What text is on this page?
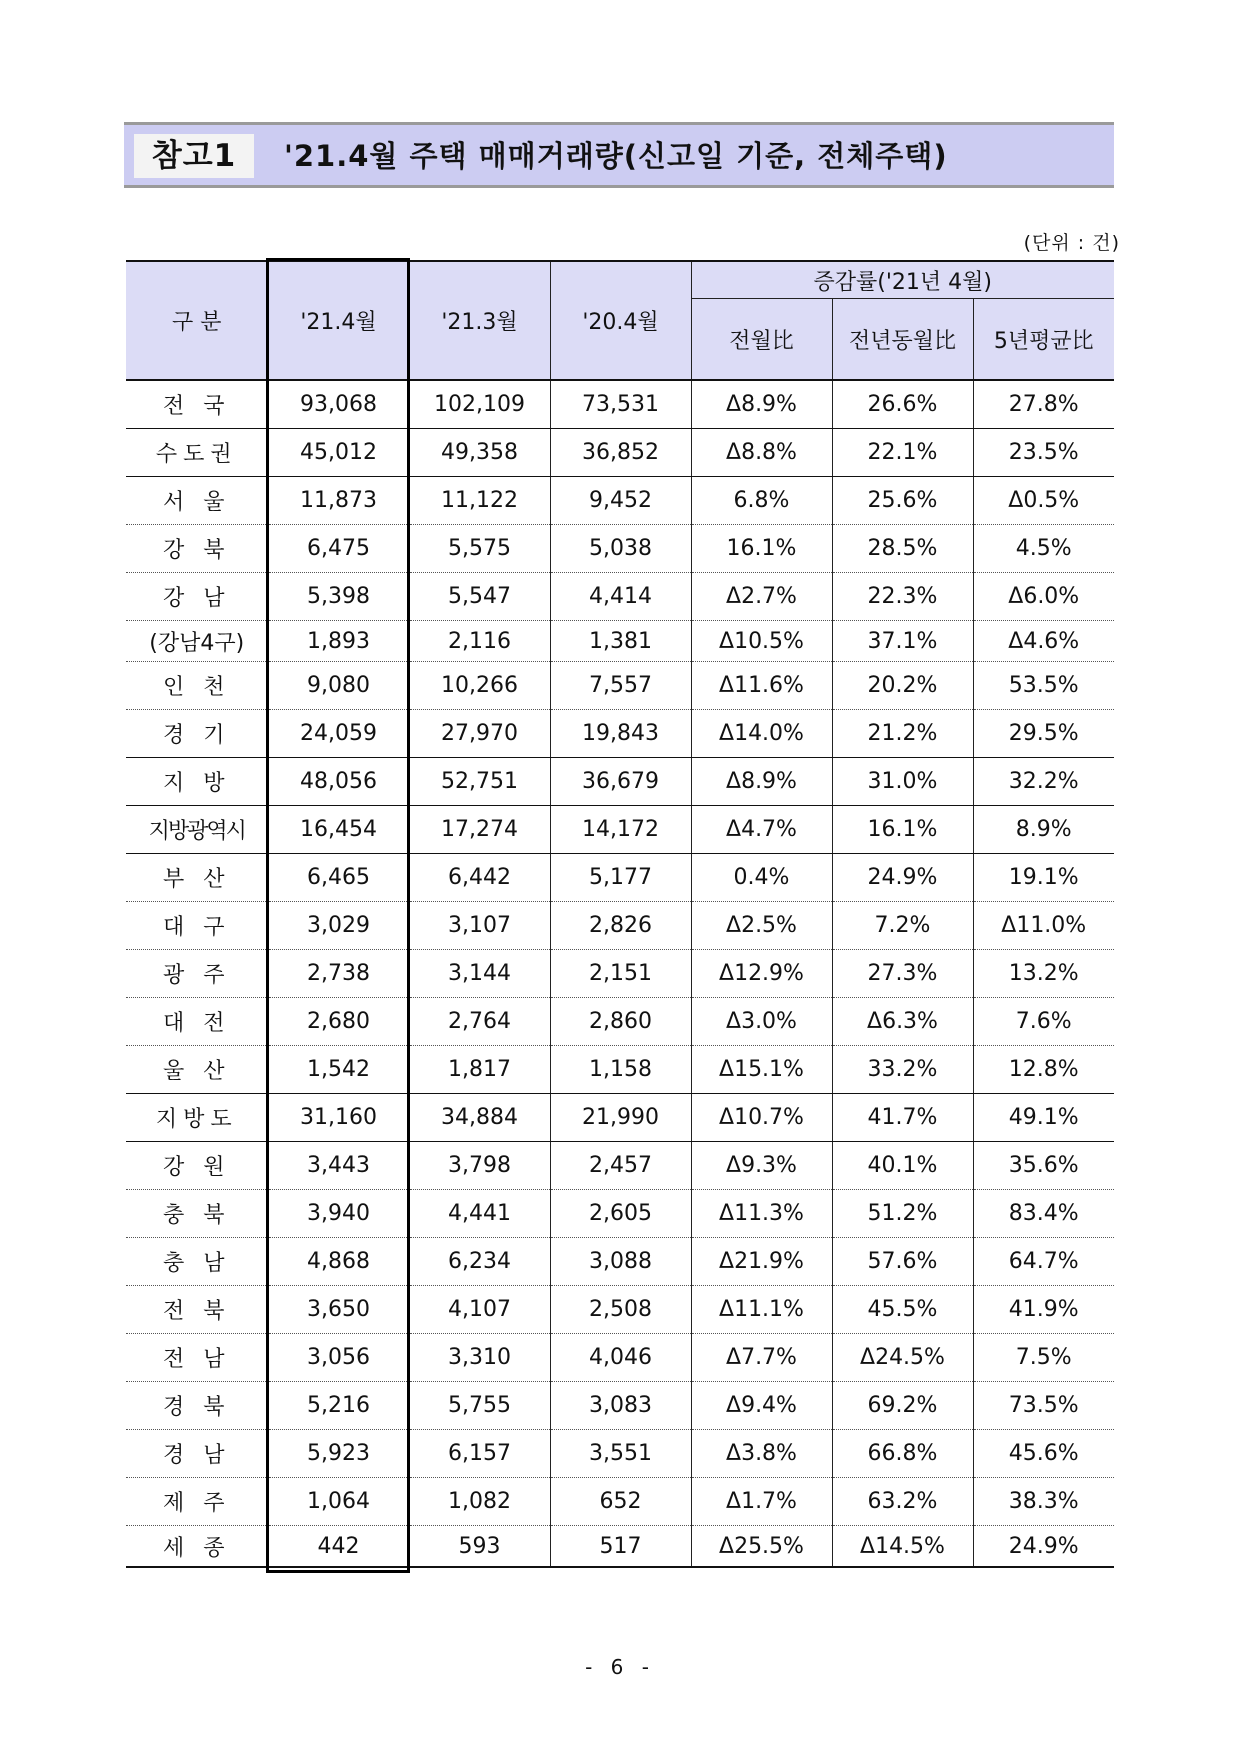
참고1	'21.4월 주택 매매거래량(신고일 기준, 전체주택)
(단위 : 건)
구 분	'21.4월	'21.3월	'20.4월	증감률('21년 4월)		
				전월比	전년동월比	5년평균比
전 국	93,068	102,109	73,531	Δ8.9%	26.6%	27.8%
수도권	45,012	49,358	36,852	Δ8.8%	22.1%	23.5%
서 울	11,873	11,122	9,452	6.8%	25.6%	Δ0.5%
강 북	6,475	5,575	5,038	16.1%	28.5%	4.5%
강 남	5,398	5,547	4,414	Δ2.7%	22.3%	Δ6.0%
(강남4구)	1,893	2,116	1,381	Δ10.5%	37.1%	Δ4.6%
인 천	9,080	10,266	7,557	Δ11.6%	20.2%	53.5%
경 기	24,059	27,970	19,843	Δ14.0%	21.2%	29.5%
지 방	48,056	52,751	36,679	Δ8.9%	31.0%	32.2%
지방광역시	16,454	17,274	14,172	Δ4.7%	16.1%	8.9%
부 산	6,465	6,442	5,177	0.4%	24.9%	19.1%
대 구	3,029	3,107	2,826	Δ2.5%	7.2%	Δ11.0%
광 주	2,738	3,144	2,151	Δ12.9%	27.3%	13.2%
대 전	2,680	2,764	2,860	Δ3.0%	Δ6.3%	7.6%
울 산	1,542	1,817	1,158	Δ15.1%	33.2%	12.8%
지방도	31,160	34,884	21,990	Δ10.7%	41.7%	49.1%
강 원	3,443	3,798	2,457	Δ9.3%	40.1%	35.6%
충 북	3,940	4,441	2,605	Δ11.3%	51.2%	83.4%
충 남	4,868	6,234	3,088	Δ21.9%	57.6%	64.7%
전 북	3,650	4,107	2,508	Δ11.1%	45.5%	41.9%
전 남	3,056	3,310	4,046	Δ7.7%	Δ24.5%	7.5%
경 북	5,216	5,755	3,083	Δ9.4%	69.2%	73.5%
경 남	5,923	6,157	3,551	Δ3.8%	66.8%	45.6%
제 주	1,064	1,082	652	Δ1.7%	63.2%	38.3%
세 종	442	593	517	Δ25.5%	Δ14.5%	24.9%
- 6 -
